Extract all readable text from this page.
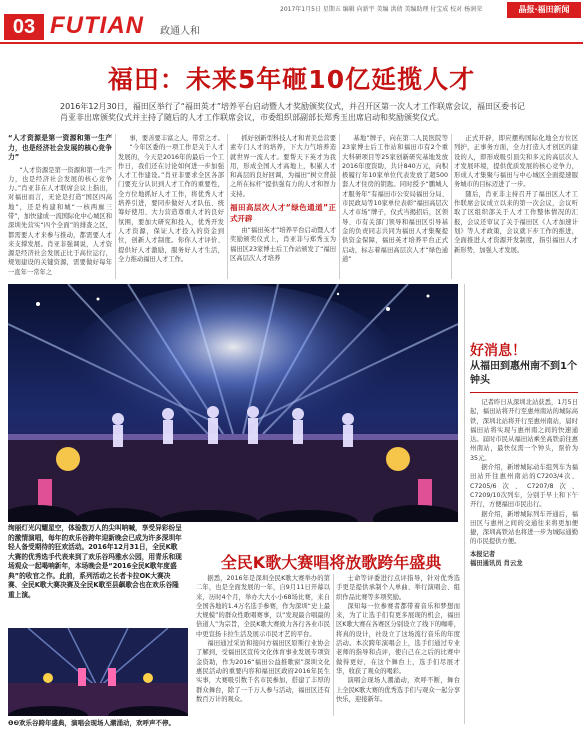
03 FUTIAN 政通人和
2017年1月5日 星期五 编辑 向新宇 美编 洪倩 美编助理 付宝成 校对 杨润荣	晶报·福田新闻
福田：未来5年砸10亿延揽人才
2016年12月30日，福田区举行了“福田英才”培养平台启动暨人才奖励颁奖仪式，并召开区第一次人才工作联席会议，福田区委书记肖亚非出席颁奖仪式并主持了随后的人才工作联席会议，市委组织部副部长郑秀玉出席启动和奖励颁奖仪式。
“人才资源是第一资源和第一生产力，也是经济社会发展的核心竞争力”

“人才资源是第一资源和第一生产力，也是经济社会发展的核心竞争力。”肖亚非在人才联席会议上指出，对福田而言，无论是打造“国区四高地”，还是构建和城“一核两廊三带”，加快建成一流国际化中心城区和深圳先营实“四个全面”的排查之区，都需要人才来参与推动，都需要人才来支撑发展。肖亚非强调说，人才资源是经济社会发展正比于高位运行，规划建设的关键资源，需要做好每年一直年一常年之

事，要善要丰富之人，带常之才。

“今年区委的一项工作是关于人才发展的，今天是2016年的最后一个工作日，我们还在讨论如何进一步加强人才工作建设。”肖亚非要求全区各部门要充分认识到人才工作的重要性，全方位地抓好人才工作，将优秀人才培养引进，要同步做好人才队伍、统筹好使用、大力营造尊重人才的良好氛围，要加大研究和投入，优秀开发人才资源，保证人才投入的资金到位，创新人才制度。你你人才评价、提供好人才激励，服务好人才生活，全力推动福田人才工作。

抓好创新型科技人才和青美总营要素专门人才的培养，下大力气培养造就世界一流人才。要帮天下英才为我用，形成全国人才高地上，积累人才和高层的良好回调，为福田“树立背鼓之所在标杆”提供强有力的人才和智力支持。

福田高层次人才“绿色通道”正式开辟

由“福田英才”培养平台启动暨人才奖励颁奖仪式上，肖亚非与郑秀玉为福田区23家博士后工作站颁发了“福田区高层次人才培养

基地”牌子，向在第二人民医院等23家博士后工作站和福田市有2个重大科研项目等25家创新研究基地发放2016年度资助，共计840万元，向积极履行年10家单位代表发放了超500套人才住房的钥匙。同时授予“鹏城人才服务年”有福田市公安局福田分局、市民政局等10家单位表彰“福田高层次人才市场”牌子，仅式当揭招后，区领导、市有关部门领导和福田区引导基金的负责同志共同为福田人才集聚提供资金保障，福田英才培养平台正式启动，标志着福田高层次人才“绿色通道”

正式开辟，即应摆构国际化地全方位区列护，正事务方面，全力打造人才创区的建设的人，即形成吸引顶尖和多元的高层次人才发展环境，提供优质发展的核心竞争力，形成人才集聚与福田与中心城区全面提速服务城市的目标迈进了一步。

随后，肖亚非主持召开了福田区人才工作联席会议成立以来的第一次会议，会议听取了区组织部关于人才工作整体情况的汇报，会议还审议了关于福田区《人才加速计划》等人才政策，会议就下步工作的推进，全面推进人才资源开发制度，指引福田人才新形势，加强人才发展。

好消息！
从福田到惠州南不到1个钟头

记者昨日从深圳北站获悉，1月5日起，福田站将开行至惠州南站的城际高铁，深圳北站将开行至惠州南站，届时福田站将实现与惠州南之间的快速通达。届时市民从福田站乘坐高铁前往惠州南站，最快仅需一个钟头，票价为35元。

据介绍，新增城际动车组列车为福田站开往惠州南站的C7203/4次、C7205/6次、C7207/8次、C7209/10次列车，分别于早上和下午开行，方便福田市民出行。

据介绍，新增城际列车开通后，福田区与惠州之间的交通往来将更加便捷，深圳高铁站也将进一步为城际通勤的市民提供方便。

本报记者
福田通讯员 肖云龙
绚丽灯光闪耀星空，体验数万人的尖叫呐喊，享受异彩纷呈的激情演唱，每年的欢乐谷跨年迎新晚会已成为许多深圳年轻人备受期待的狂欢活动。2016年12月31日，全民K歌大赛的优秀选手代表来到了欢乐谷玛雅水公园，用青乐和现场观众一起喝响新年，本场晚会是“2016全民K歌年度盛典”的收官之作。此前，系列活动之长者卡拉OK大赛决赛、全民K歌大赛决赛及全民K歌至县飙歌会也在欢乐谷隆重上演。
全民K歌大赛唱将放歌跨年盛典

据悉，2016年是深圳全民K歌大赛举办的第二年，也是全面发展的一年，自9月11日开幕以来，历时4个月，举办大大小小68场比赛，来自全国各地的1.4万名选手参赛，作为深圳“史上最大规模”的群众性歌唱赛事，以“发现最合唱最的倍道人”为宗旨，全民K歌大赛致力各行各业市民中更宣扬卡拉生活及展示市民才艺的平台。

福田通过采访和接问方福田区原斯行业协会了解到，受福田区宣传文化体育事业发展专项资金资助，作为2016“福田公益推歌窗”深圳文化惠民活动的重要内容和福田区政府2016年民生实事，大赛吸引数千名市民参加，搭建了丰厚的群众舞台，除了一千万人参与活动，福田区还有数百万计的观众。

士命等评委进行点评指导，针对优秀选手更是提供承制个人单曲、举行演唱会、组织作品比赛等多项奖励。

深知每一位参赛者都带着音乐和梦想而来，为了让选手们有更多展现的机会，福田区K歌大赛在各赛区分别设立了线下的咖啡，将真的设计，社设立了这场流行音乐的年度活动。本次跨年演唱会上，选手们通过专业老师的指导和点评，使自己在之后的比赛中做得更好，在这个舞台上，选手们尽展才华，收获了观众的喝彩。

演唱会现场人潮涌动，欢呼不断，舞台上全民K歌大赛的优秀选手们与观众一起分享快乐，迎接新年。

❶❷欢乐谷跨年盛典，演唱会现场人潮涌动，欢呼声不停。
